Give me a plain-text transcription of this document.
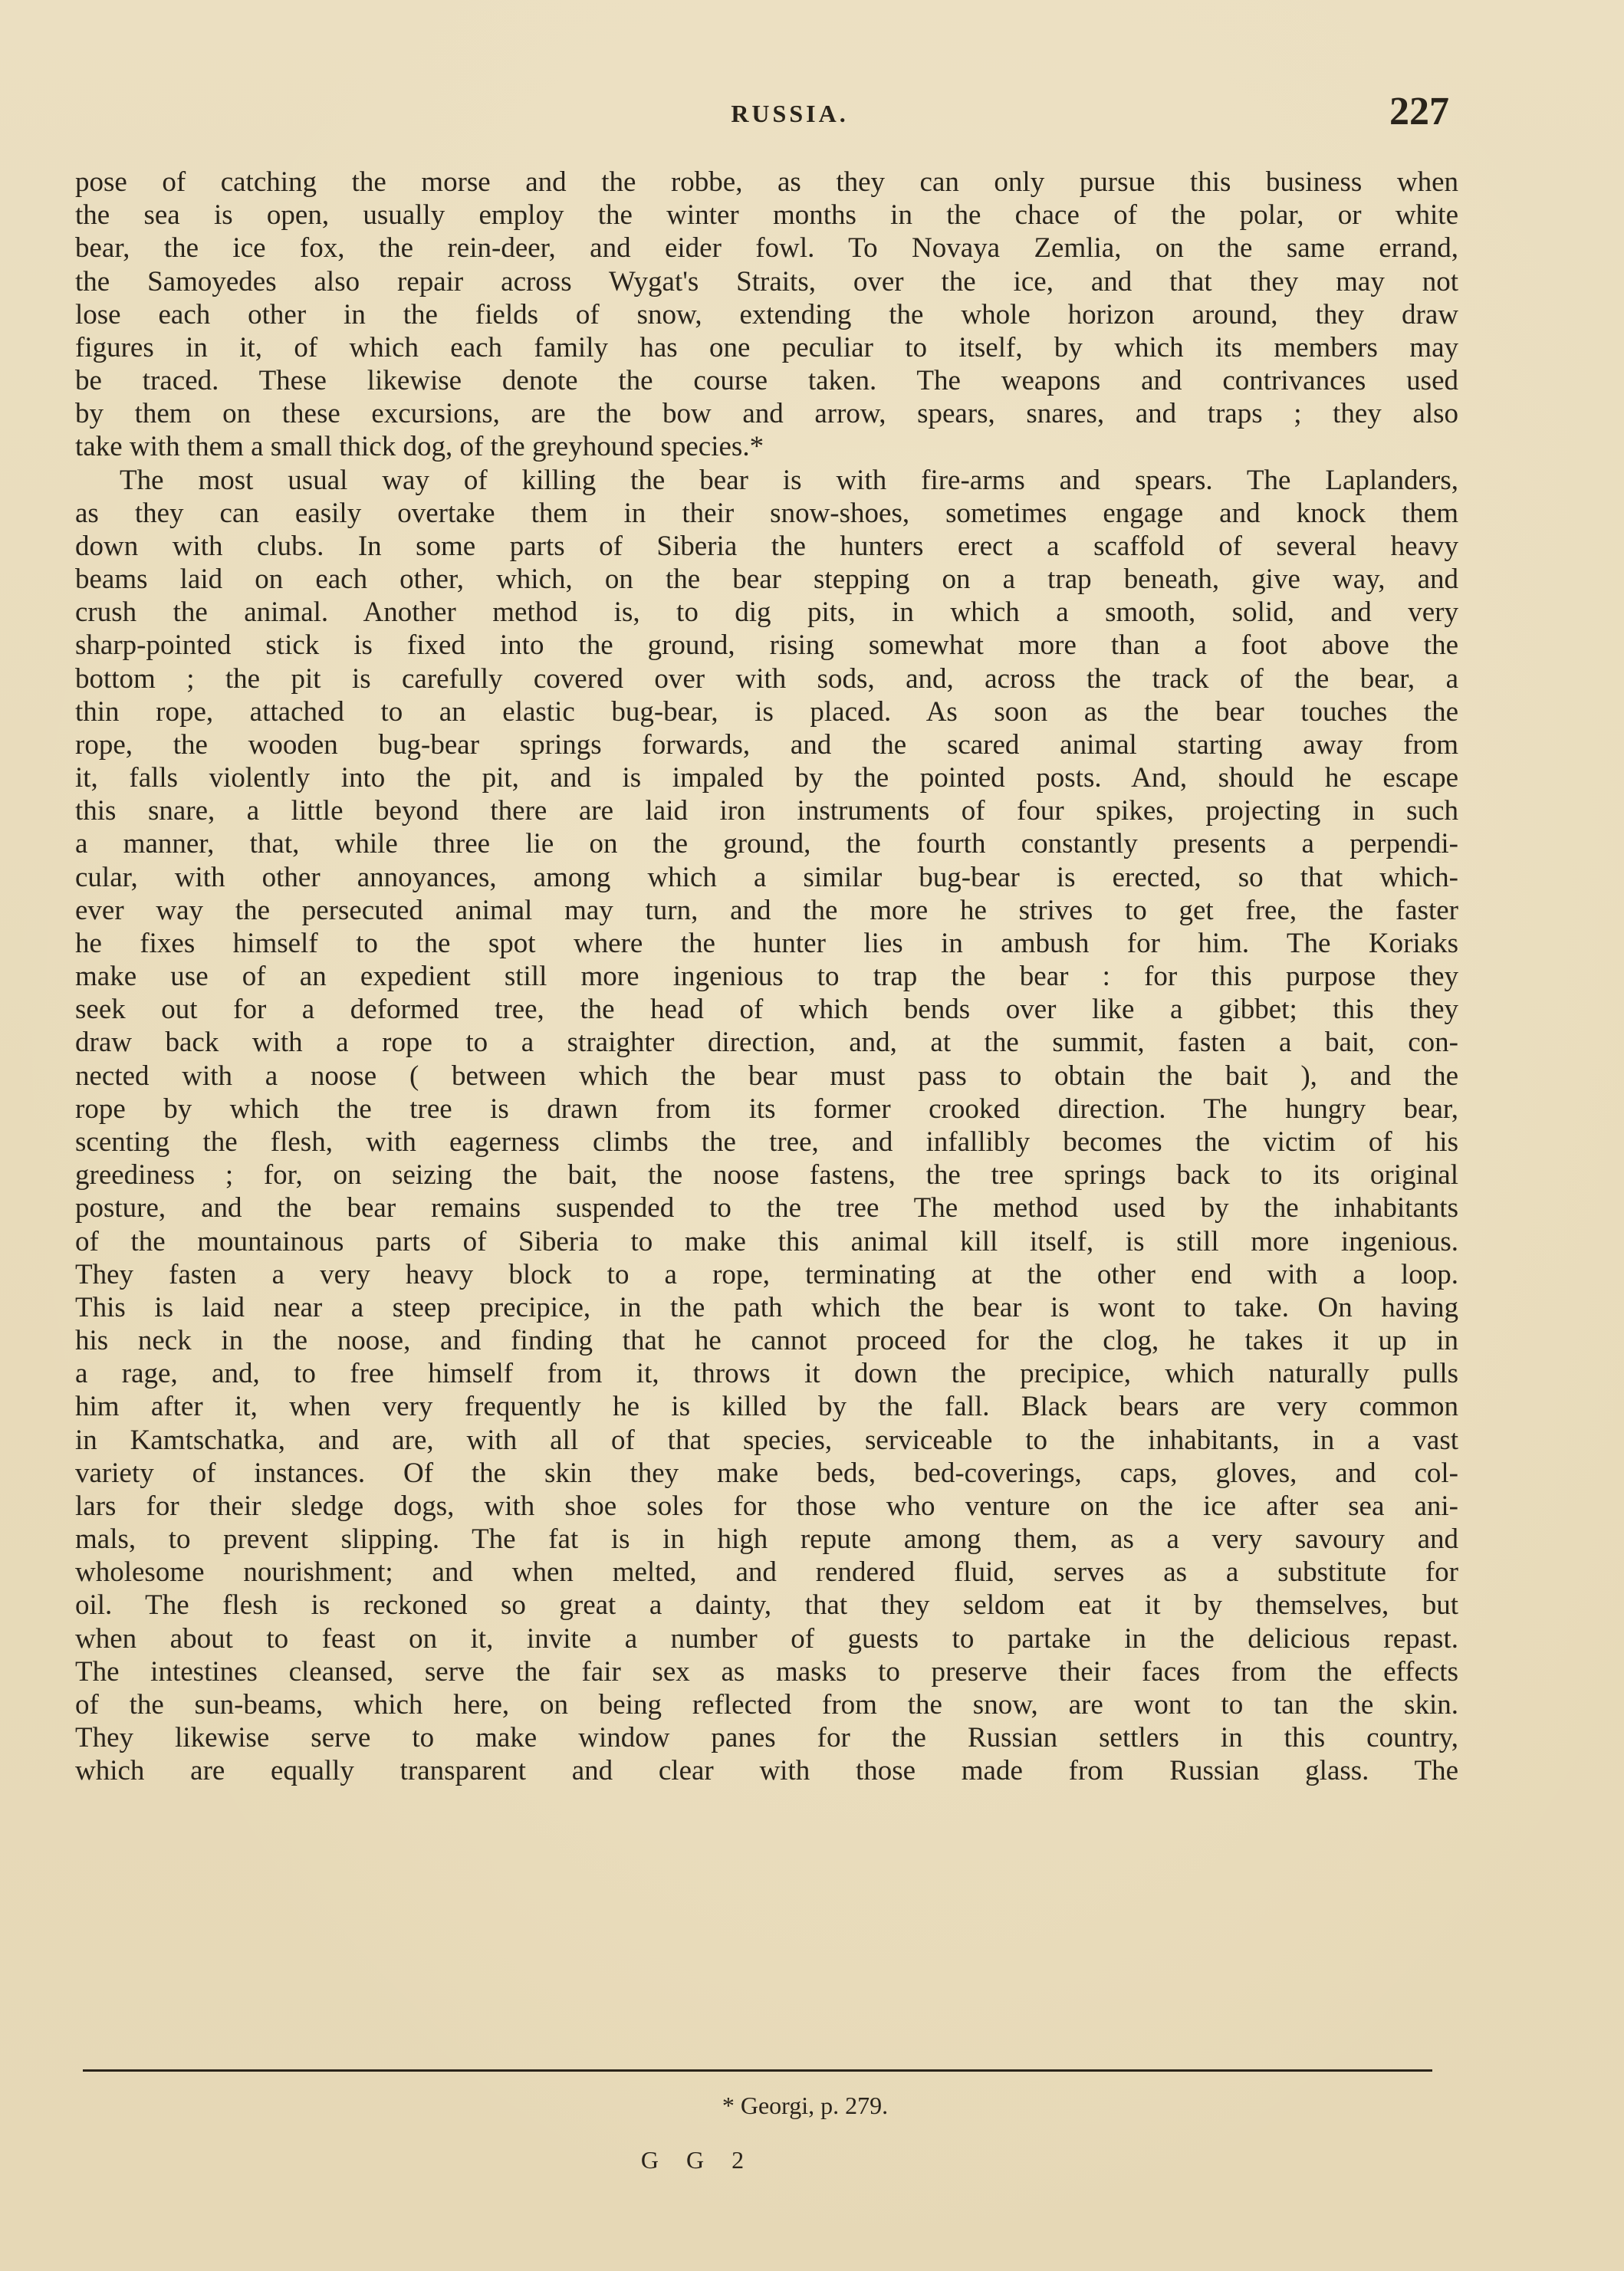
RUSSIA.	227
pose of catching the morse and the robbe, as they can only pursue this business when
the sea is open, usually employ the winter months in the chace of the polar, or white
bear, the ice fox, the rein-deer, and eider fowl. To Novaya Zemlia, on the same errand,
the Samoyedes also repair across Wygat's Straits, over the ice, and that they may not
lose each other in the fields of snow, extending the whole horizon around, they draw
figures in it, of which each family has one peculiar to itself, by which its members may
be traced. These likewise denote the course taken. The weapons and contrivances used
by them on these excursions, are the bow and arrow, spears, snares, and traps ; they also
take with them a small thick dog, of the greyhound species.*
The most usual way of killing the bear is with fire-arms and spears. The Laplanders,
as they can easily overtake them in their snow-shoes, sometimes engage and knock them
down with clubs. In some parts of Siberia the hunters erect a scaffold of several heavy
beams laid on each other, which, on the bear stepping on a trap beneath, give way, and
crush the animal. Another method is, to dig pits, in which a smooth, solid, and very
sharp-pointed stick is fixed into the ground, rising somewhat more than a foot above the
bottom ; the pit is carefully covered over with sods, and, across the track of the bear, a
thin rope, attached to an elastic bug-bear, is placed. As soon as the bear touches the
rope, the wooden bug-bear springs forwards, and the scared animal starting away from
it, falls violently into the pit, and is impaled by the pointed posts. And, should he escape
this snare, a little beyond there are laid iron instruments of four spikes, projecting in such
a manner, that, while three lie on the ground, the fourth constantly presents a perpendi-
cular, with other annoyances, among which a similar bug-bear is erected, so that which-
ever way the persecuted animal may turn, and the more he strives to get free, the faster
he fixes himself to the spot where the hunter lies in ambush for him. The Koriaks
make use of an expedient still more ingenious to trap the bear : for this purpose they
seek out for a deformed tree, the head of which bends over like a gibbet; this they
draw back with a rope to a straighter direction, and, at the summit, fasten a bait, con-
nected with a noose ( between which the bear must pass to obtain the bait ), and the
rope by which the tree is drawn from its former crooked direction. The hungry bear,
scenting the flesh, with eagerness climbs the tree, and infallibly becomes the victim of his
greediness ; for, on seizing the bait, the noose fastens, the tree springs back to its original
posture, and the bear remains suspended to the tree The method used by the inhabitants
of the mountainous parts of Siberia to make this animal kill itself, is still more ingenious.
They fasten a very heavy block to a rope, terminating at the other end with a loop.
This is laid near a steep precipice, in the path which the bear is wont to take. On having
his neck in the noose, and finding that he cannot proceed for the clog, he takes it up in
a rage, and, to free himself from it, throws it down the precipice, which naturally pulls
him after it, when very frequently he is killed by the fall. Black bears are very common
in Kamtschatka, and are, with all of that species, serviceable to the inhabitants, in a vast
variety of instances. Of the skin they make beds, bed-coverings, caps, gloves, and col-
lars for their sledge dogs, with shoe soles for those who venture on the ice after sea ani-
mals, to prevent slipping. The fat is in high repute among them, as a very savoury and
wholesome nourishment; and when melted, and rendered fluid, serves as a substitute for
oil. The flesh is reckoned so great a dainty, that they seldom eat it by themselves, but
when about to feast on it, invite a number of guests to partake in the delicious repast.
The intestines cleansed, serve the fair sex as masks to preserve their faces from the effects
of the sun-beams, which here, on being reflected from the snow, are wont to tan the skin.
They likewise serve to make window panes for the Russian settlers in this country,
which are equally transparent and clear with those made from Russian glass. The
* Georgi, p. 279.
G G 2
